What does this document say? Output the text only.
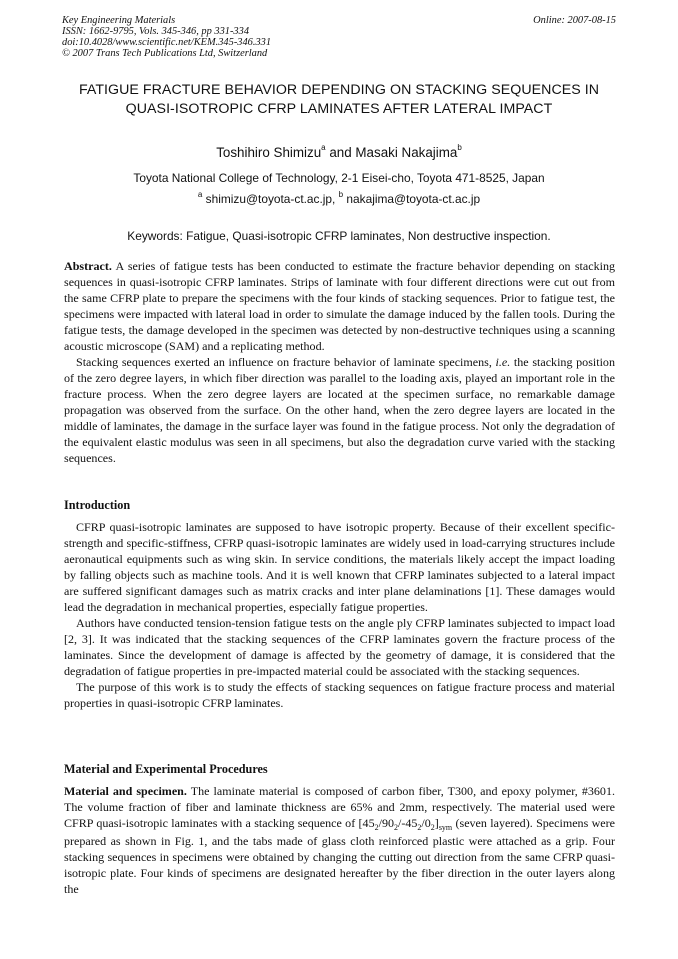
Key Engineering Materials
ISSN: 1662-9795, Vols. 345-346, pp 331-334
doi:10.4028/www.scientific.net/KEM.345-346.331
© 2007 Trans Tech Publications Ltd, Switzerland
Online: 2007-08-15
FATIGUE FRACTURE BEHAVIOR DEPENDING ON STACKING SEQUENCES IN
QUASI-ISOTROPIC CFRP LAMINATES AFTER LATERAL IMPACT
Toshihiro Shimizu$^a$ and Masaki Nakajima$^b$
Toyota National College of Technology, 2-1 Eisei-cho, Toyota 471-8525, Japan
$^a$ shimizu@toyota-ct.ac.jp, $^b$ nakajima@toyota-ct.ac.jp
Keywords: Fatigue, Quasi-isotropic CFRP laminates, Non destructive inspection.

Abstract. A series of fatigue tests has been conducted to estimate the fracture behavior depending on stacking sequences in quasi-isotropic CFRP laminates. Strips of laminate with four different directions were cut out from the same CFRP plate to prepare the specimens with the four kinds of stacking sequences. Prior to fatigue test, the specimens were impacted with lateral load in order to simulate the damage induced by the fallen tools. During the fatigue tests, the damage developed in the specimen was detected by non-destructive techniques using a scanning acoustic microscope (SAM) and a replicating method.

Stacking sequences exerted an influence on fracture behavior of laminate specimens, i.e. the stacking position of the zero degree layers, in which fiber direction was parallel to the loading axis, played an important role in the fracture process. When the zero degree layers are located at the specimen surface, no remarkable damage propagation was observed from the surface. On the other hand, when the zero degree layers are located in the middle of laminates, the damage in the surface layer was found in the fatigue process. Not only the degradation of the equivalent elastic modulus was seen in all specimens, but also the degradation curve varied with the stacking sequences.

Introduction

CFRP quasi-isotropic laminates are supposed to have isotropic property. Because of their excellent specific-strength and specific-stiffness, CFRP quasi-isotropic laminates are widely used in load-carrying structures include aeronautical equipments such as wing skin. In service conditions, the materials likely accept the impact loading by falling objects such as machine tools. And it is well known that CFRP laminates subjected to a lateral impact are suffered significant damages such as matrix cracks and inter plane delaminations [1]. These damages would lead the degradation in mechanical properties, especially fatigue properties.

Authors have conducted tension-tension fatigue tests on the angle ply CFRP laminates subjected to impact load [2, 3]. It was indicated that the stacking sequences of the CFRP laminates govern the fracture process of the laminates. Since the development of damage is affected by the geometry of damage, it is considered that the degradation of fatigue properties in pre-impacted material could be associated with the stacking sequences.

The purpose of this work is to study the effects of stacking sequences on fatigue fracture process and material properties in quasi-isotropic CFRP laminates.

Material and Experimental Procedures

Material and specimen. The laminate material is composed of carbon fiber, T300, and epoxy polymer, #3601. The volume fraction of fiber and laminate thickness are 65% and 2mm, respectively. The material used were CFRP quasi-isotropic laminates with a stacking sequence of $[45_2/90_2/-45_2/0_2]_{sym}$ (seven layered). Specimens were prepared as shown in Fig. 1, and the tabs made of glass cloth reinforced plastic were attached as a grip. Four stacking sequences in specimens were obtained by changing the cutting out direction from the same CFRP quasi-isotropic plate. Four kinds of specimens are designated hereafter by the fiber direction in the outer layers along the
